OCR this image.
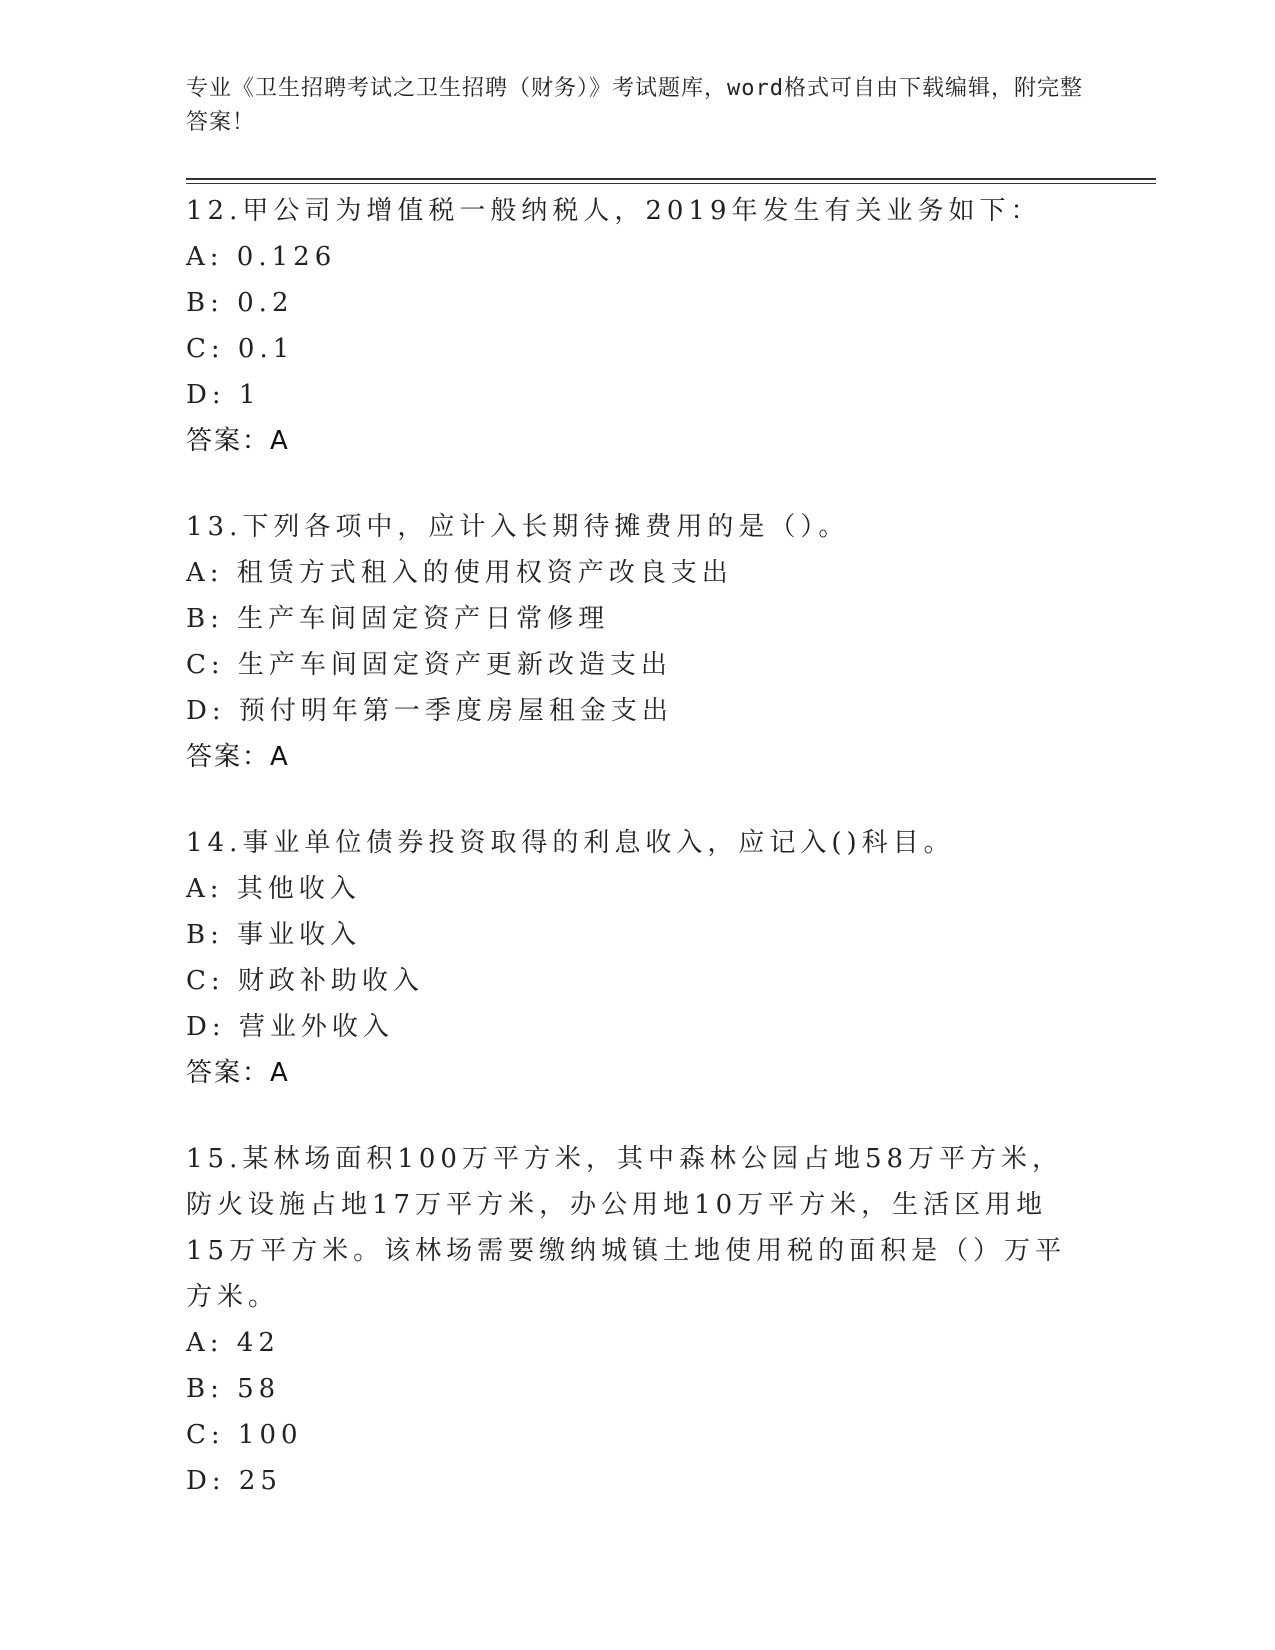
专业《卫生招聘考试之卫生招聘（财务）》考试题库，word格式可自由下载编辑，附完整答案！
12.甲公司为增值税一般纳税人，2019年发生有关业务如下：
A: 0.126
B: 0.2
C: 0.1
D: 1
答案：A
13.下列各项中，应计入长期待摊费用的是（）。
A: 租赁方式租入的使用权资产改良支出
B: 生产车间固定资产日常修理
C: 生产车间固定资产更新改造支出
D: 预付明年第一季度房屋租金支出
答案：A
14.事业单位债券投资取得的利息收入，应记入()科目。
A: 其他收入
B: 事业收入
C: 财政补助收入
D: 营业外收入
答案：A
15.某林场面积100万平方米，其中森林公园占地58万平方米，防火设施占地17万平方米，办公用地10万平方米，生活区用地15万平方米。该林场需要缴纳城镇土地使用税的面积是（）万平方米。
A: 42
B: 58
C: 100
D: 25
